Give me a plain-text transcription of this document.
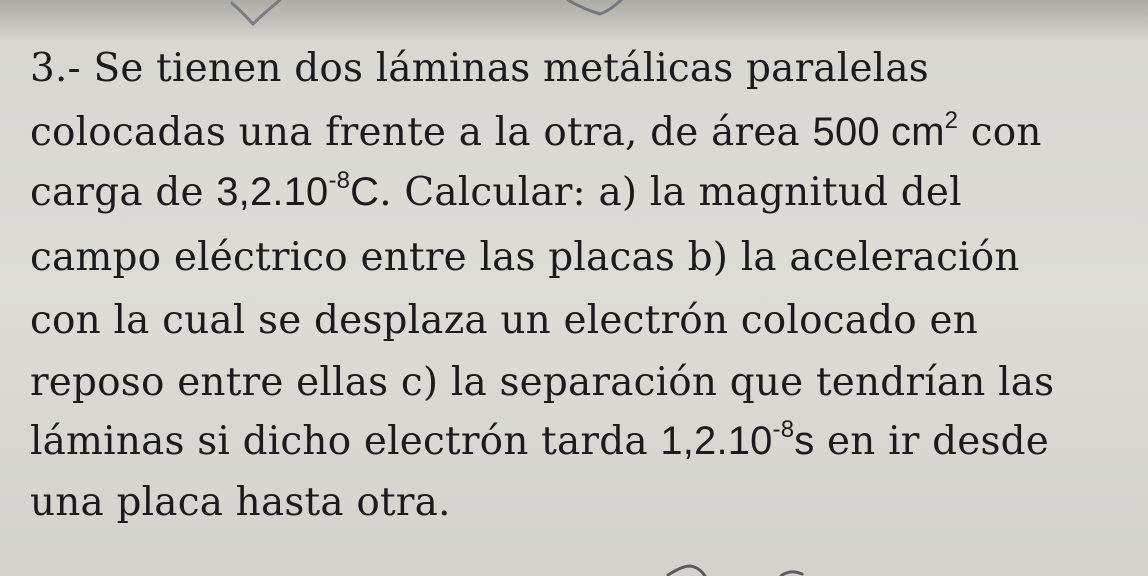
3.- Se tienen dos láminas metálicas paralelas
colocadas una frente a la otra, de área 500 $cm^2$ con
carga de $3,2.10^{-8}C$. Calcular: a) la magnitud del
campo eléctrico entre las placas b) la aceleración
con la cual se desplaza un electrón colocado en
reposo entre ellas c) la separación que tendrían las
láminas si dicho electrón tarda $1,2.10^{-8}s$ en ir desde
una placa hasta otra.
